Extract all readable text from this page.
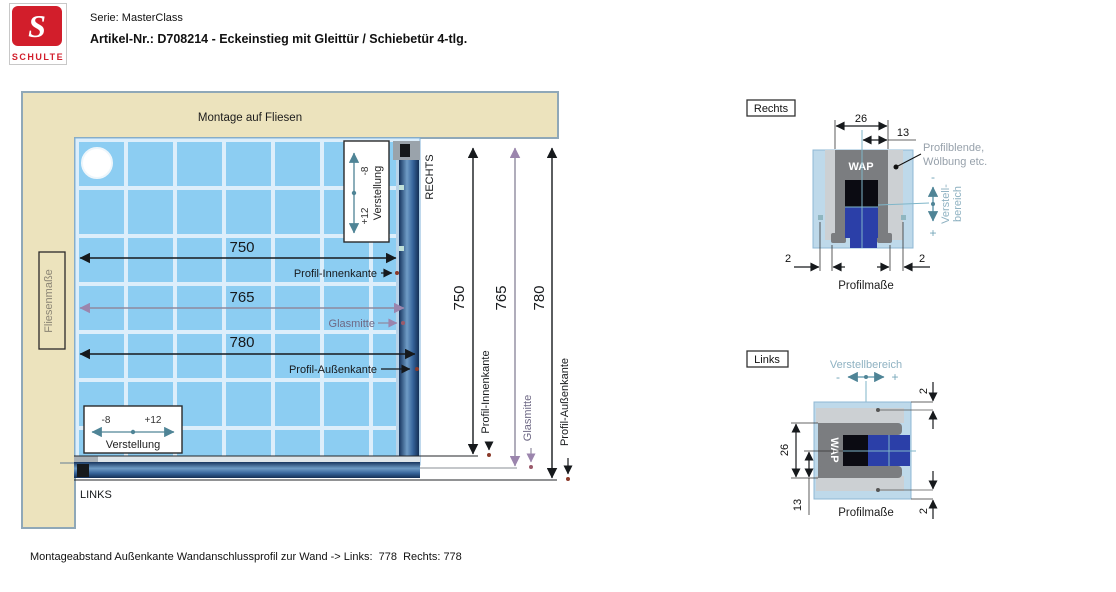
S
SCHULTE
Serie: MasterClass
Artikel-Nr.: D708214 - Eckeinstieg mit Gleittür / Schiebetür 4-tlg.
750
Profil-Innenkante
765
Glasmitte
780
Profil-Außenkante
750
Profil-Innenkante
765
Glasmitte
780
Profil-Außenkante
-8
+12 Verstellung
-8	+12
Verstellung
Montage auf Fliesen
Fliesenmaße
RECHTS
LINKS
Rechts
26
13
WAP
Profilblende,
Wölbung etc.
-
+
Verstell- bereich
2	2
Profilmaße
Links	Verstellbereich
-	+
WAP
26
13
2
2
Profilmaße
Montageabstand Außenkante Wandanschlussprofil zur Wand -> Links:  778  Rechts: 778
